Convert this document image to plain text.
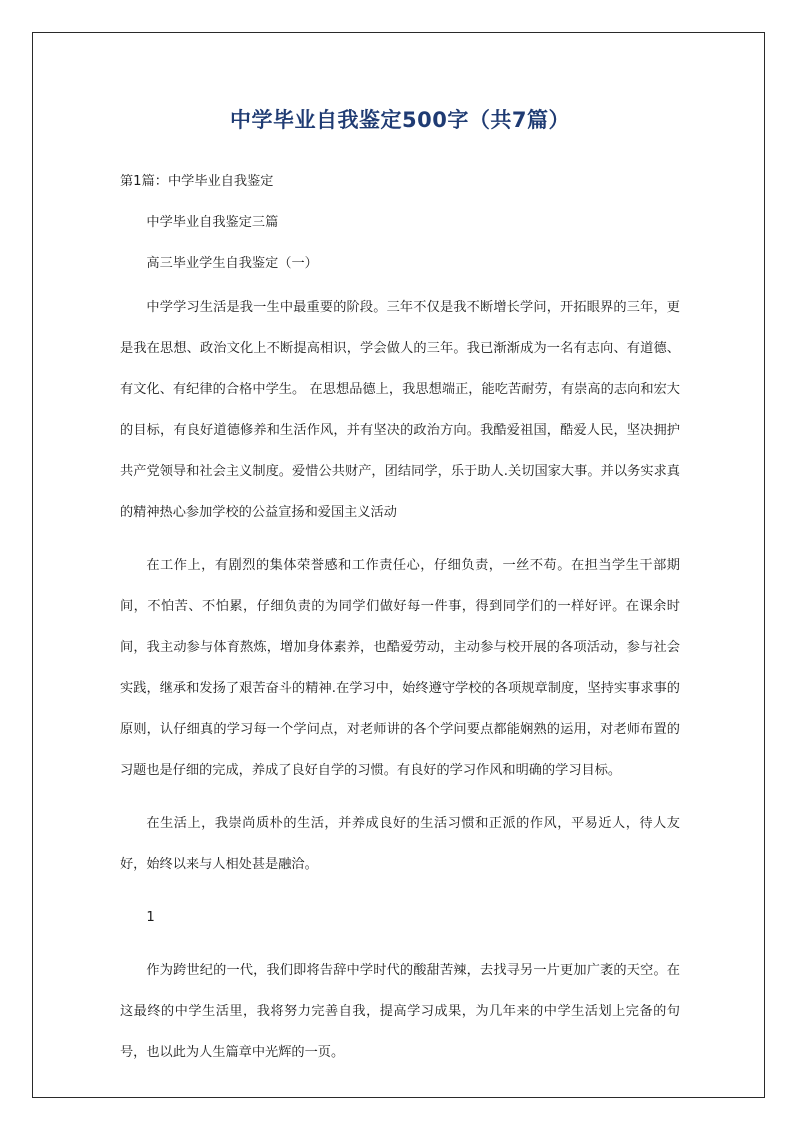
中学毕业自我鉴定500字（共7篇）

第1篇：中学毕业自我鉴定

中学毕业自我鉴定三篇

高三毕业学生自我鉴定（一）

中学学习生活是我一生中最重要的阶段。三年不仅是我不断增长学问，开拓眼界的三年，更是我在思想、政治文化上不断提高相识，学会做人的三年。我已渐渐成为一名有志向、有道德、有文化、有纪律的合格中学生。 在思想品德上，我思想端正，能吃苦耐劳，有崇高的志向和宏大的目标，有良好道德修养和生活作风，并有坚决的政治方向。我酷爱祖国，酷爱人民，坚决拥护共产党领导和社会主义制度。爱惜公共财产，团结同学，乐于助人.关切国家大事。并以务实求真的精神热心参加学校的公益宣扬和爱国主义活动

在工作上，有剧烈的集体荣誉感和工作责任心，仔细负责，一丝不苟。在担当学生干部期间，不怕苦、不怕累，仔细负责的为同学们做好每一件事，得到同学们的一样好评。在课余时间，我主动参与体育熬炼，增加身体素养，也酷爱劳动，主动参与校开展的各项活动，参与社会实践，继承和发扬了艰苦奋斗的精神.在学习中，始终遵守学校的各项规章制度，坚持实事求事的原则，认仔细真的学习每一个学问点，对老师讲的各个学问要点都能娴熟的运用，对老师布置的习题也是仔细的完成，养成了良好自学的习惯。有良好的学习作风和明确的学习目标。

在生活上，我崇尚质朴的生活，并养成良好的生活习惯和正派的作风，平易近人，待人友好，始终以来与人相处甚是融洽。

1

作为跨世纪的一代，我们即将告辞中学时代的酸甜苦辣，去找寻另一片更加广袤的天空。在这最终的中学生活里，我将努力完善自我，提高学习成果，为几年来的中学生活划上完备的句号，也以此为人生篇章中光辉的一页。
